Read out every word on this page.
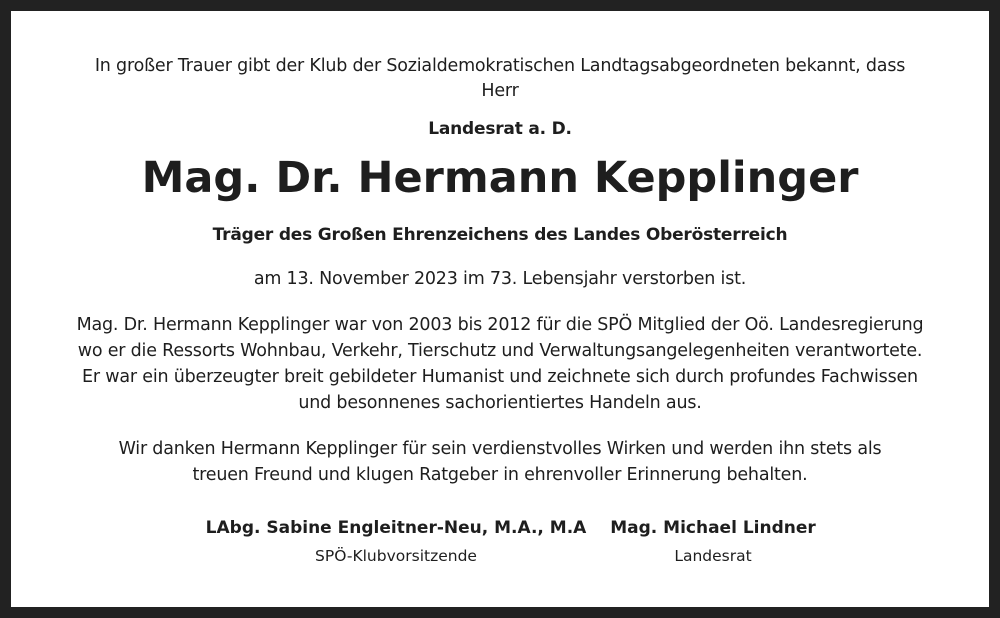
In großer Trauer gibt der Klub der Sozialdemokratischen Landtagsabgeordneten bekannt, dass
Herr
Landesrat a. D.
Mag. Dr. Hermann Kepplinger
Träger des Großen Ehrenzeichens des Landes Oberösterreich
am 13. November 2023 im 73. Lebensjahr verstorben ist.
Mag. Dr. Hermann Kepplinger war von 2003 bis 2012 für die SPÖ Mitglied der Oö. Landesregierung
wo er die Ressorts Wohnbau, Verkehr, Tierschutz und Verwaltungsangelegenheiten verantwortete.
Er war ein überzeugter breit gebildeter Humanist und zeichnete sich durch profundes Fachwissen
und besonnenes sachorientiertes Handeln aus.
Wir danken Hermann Kepplinger für sein verdienstvolles Wirken und werden ihn stets als
treuen Freund und klugen Ratgeber in ehrenvoller Erinnerung behalten.
LAbg. Sabine Engleitner-Neu, M.A., M.A
SPÖ-Klubvorsitzende
Mag. Michael Lindner
Landesrat
